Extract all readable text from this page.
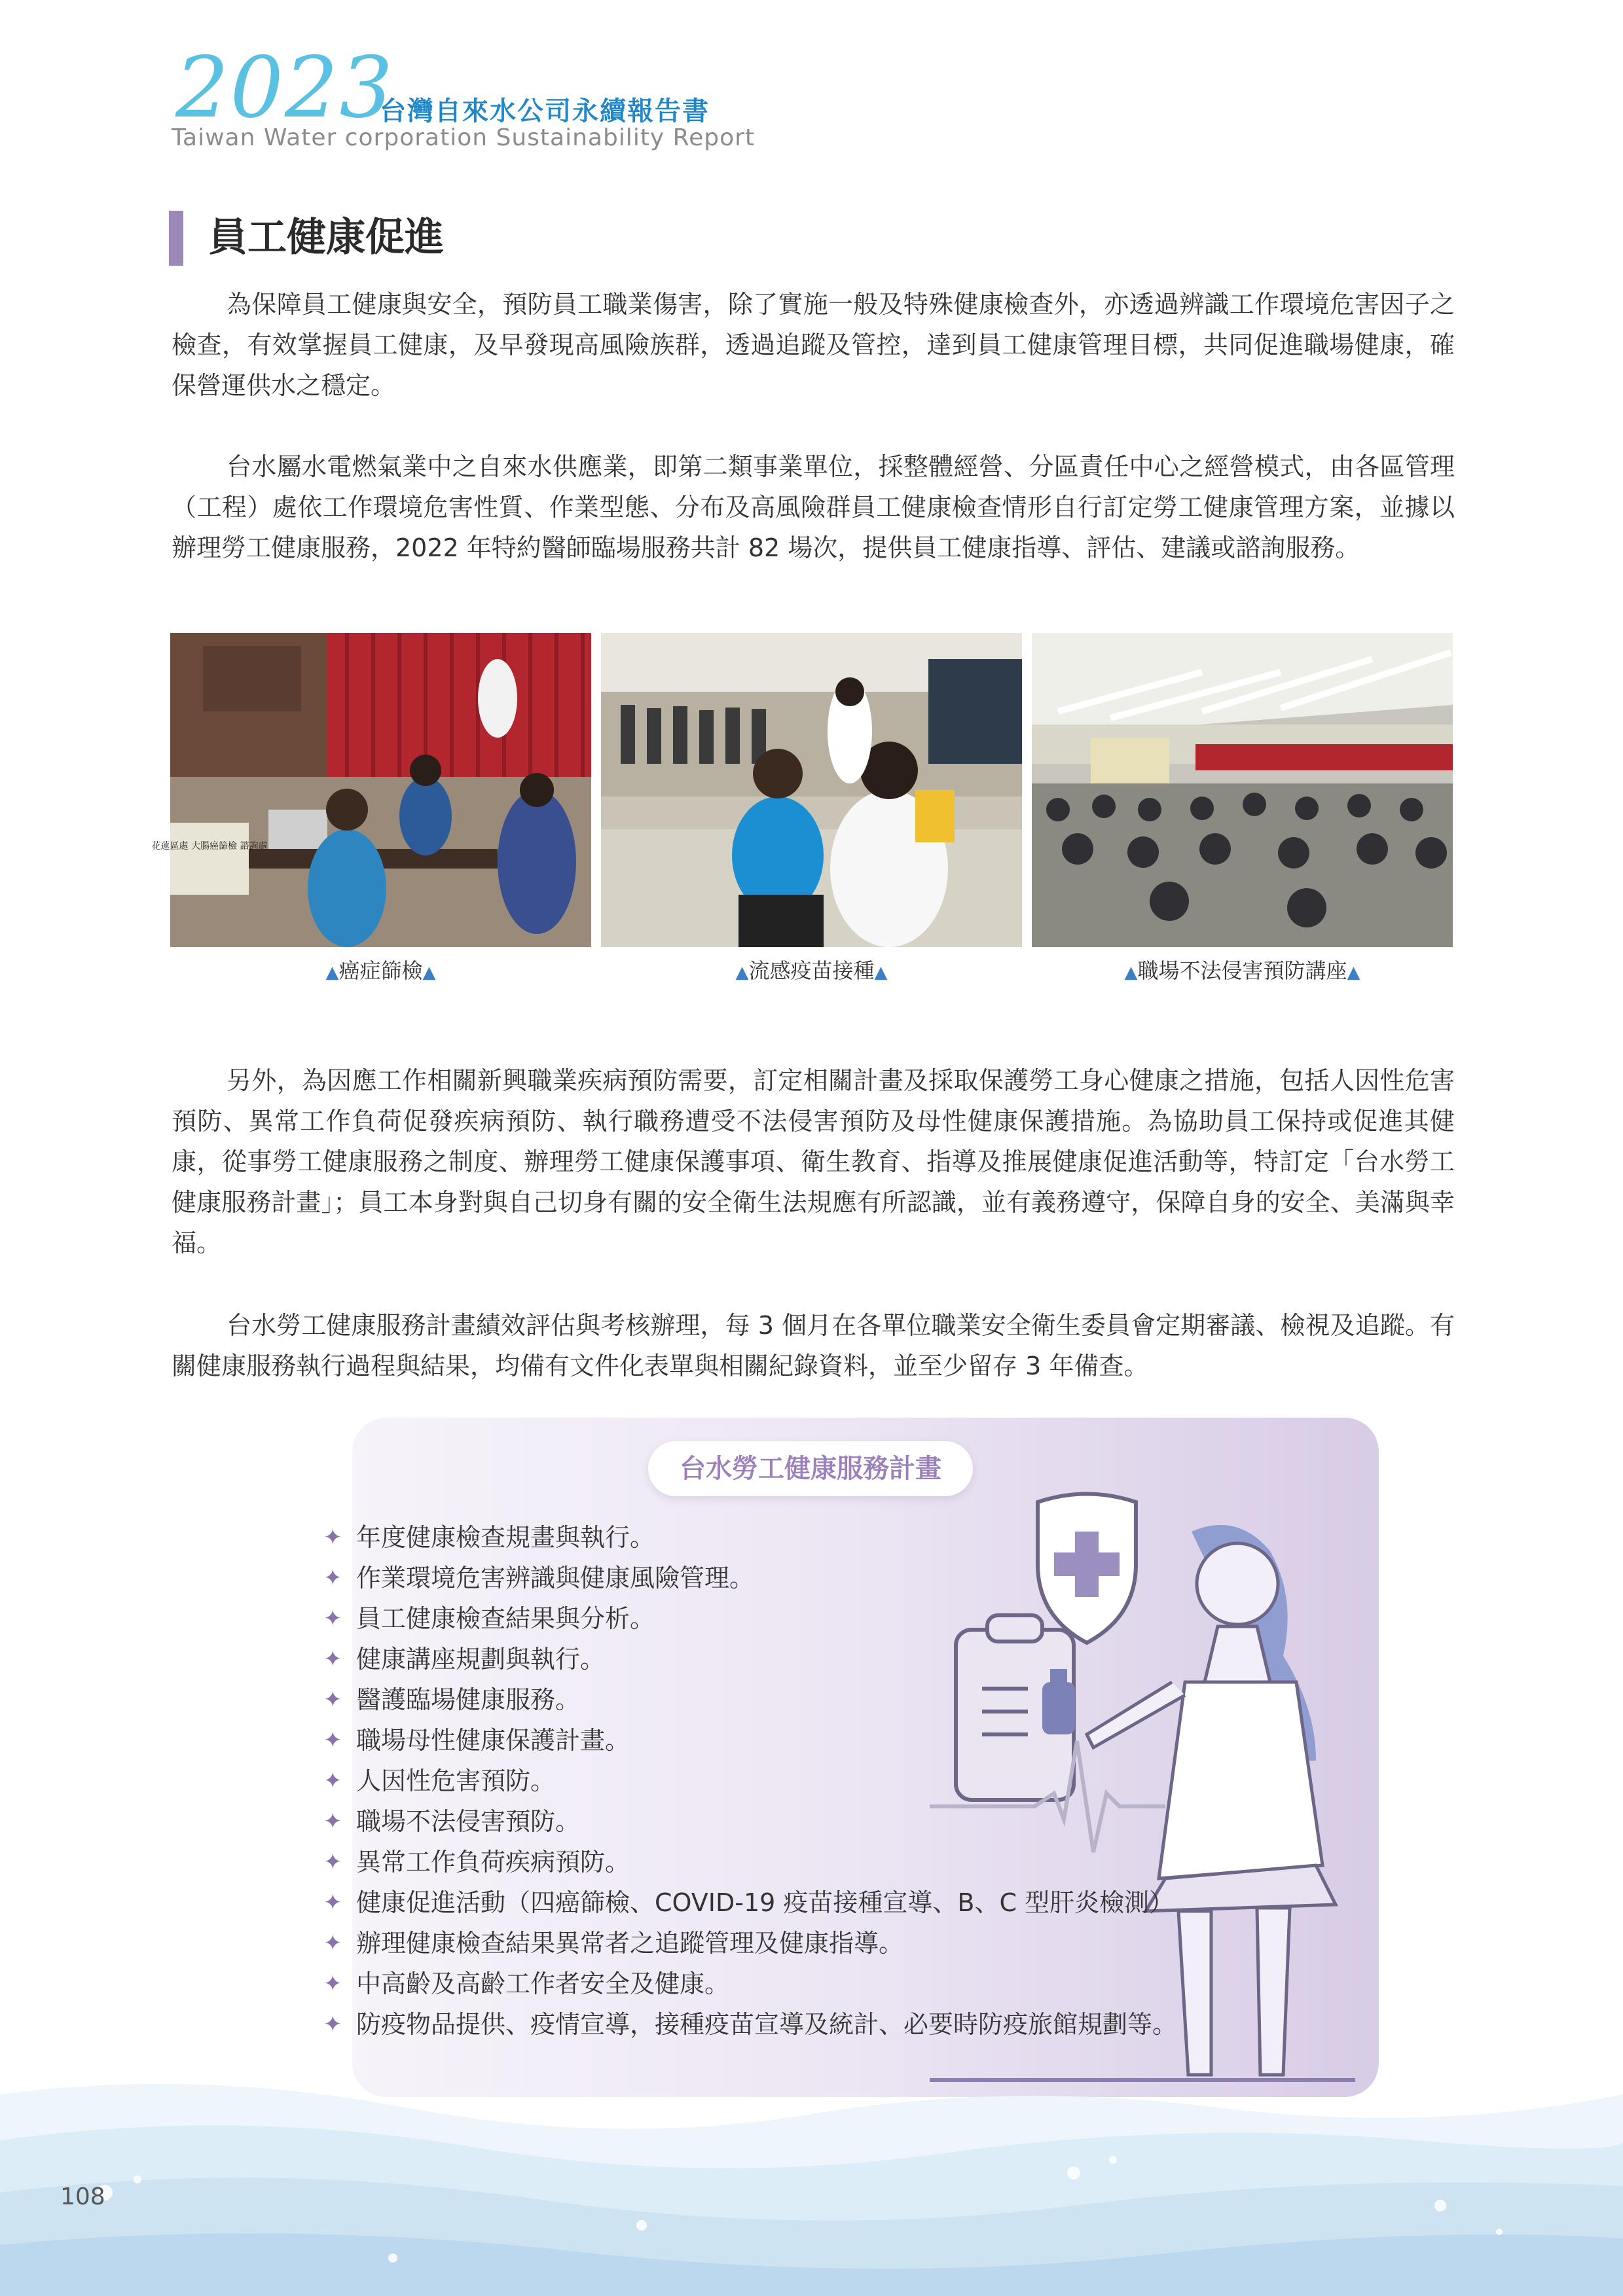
2023
台灣自來水公司永續報告書
Taiwan Water corporation Sustainability Report
員工健康促進

為保障員工健康與安全，預防員工職業傷害，除了實施一般及特殊健康檢查外，亦透過辨識工作環境危害因子之檢查，有效掌握員工健康，及早發現高風險族群，透過追蹤及管控，達到員工健康管理目標，共同促進職場健康，確保營運供水之穩定。

台水屬水電燃氣業中之自來水供應業，即第二類事業單位，採整體經營、分區責任中心之經營模式，由各區管理（工程）處依工作環境危害性質、作業型態、分布及高風險群員工健康檢查情形自行訂定勞工健康管理方案，並據以辦理勞工健康服務，2022 年特約醫師臨場服務共計 82 場次，提供員工健康指導、評估、建議或諮詢服務。

花蓮區處 大腸癌篩檢 諮詢處
▲癌症篩檢▲	▲流感疫苗接種▲	▲職場不法侵害預防講座▲

另外，為因應工作相關新興職業疾病預防需要，訂定相關計畫及採取保護勞工身心健康之措施，包括人因性危害預防、異常工作負荷促發疾病預防、執行職務遭受不法侵害預防及母性健康保護措施。為協助員工保持或促進其健康，從事勞工健康服務之制度、辦理勞工健康保護事項、衛生教育、指導及推展健康促進活動等，特訂定「台水勞工健康服務計畫」；員工本身對與自己切身有關的安全衛生法規應有所認識，並有義務遵守，保障自身的安全、美滿與幸福。

台水勞工健康服務計畫績效評估與考核辦理，每 3 個月在各單位職業安全衛生委員會定期審議、檢視及追蹤。有關健康服務執行過程與結果，均備有文件化表單與相關紀錄資料，並至少留存 3 年備查。

台水勞工健康服務計畫
✦ 年度健康檢查規畫與執行。
✦ 作業環境危害辨識與健康風險管理。
✦ 員工健康檢查結果與分析。
✦ 健康講座規劃與執行。
✦ 醫護臨場健康服務。
✦ 職場母性健康保護計畫。
✦ 人因性危害預防。
✦ 職場不法侵害預防。
✦ 異常工作負荷疾病預防。
✦ 健康促進活動（四癌篩檢、COVID-19 疫苗接種宣導、B、C 型肝炎檢測）
✦ 辦理健康檢查結果異常者之追蹤管理及健康指導。
✦ 中高齡及高齡工作者安全及健康。
✦ 防疫物品提供、疫情宣導，接種疫苗宣導及統計、必要時防疫旅館規劃等。
108
